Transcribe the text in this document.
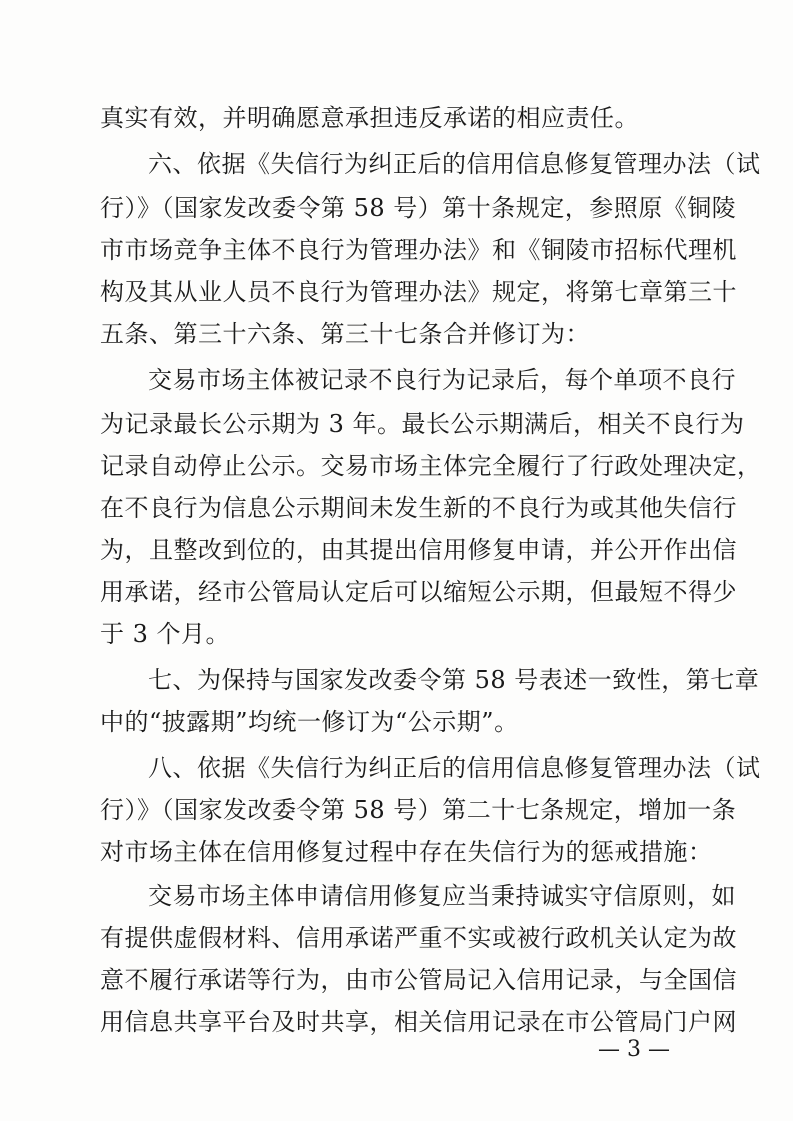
真实有效，并明确愿意承担违反承诺的相应责任。
六、依据《失信行为纠正后的信用信息修复管理办法（试
行）》（国家发改委令第 58 号）第十条规定，参照原《铜陵
市市场竞争主体不良行为管理办法》和《铜陵市招标代理机
构及其从业人员不良行为管理办法》规定，将第七章第三十
五条、第三十六条、第三十七条合并修订为：
交易市场主体被记录不良行为记录后，每个单项不良行
为记录最长公示期为 3 年。最长公示期满后，相关不良行为
记录自动停止公示。交易市场主体完全履行了行政处理决定，
在不良行为信息公示期间未发生新的不良行为或其他失信行
为，且整改到位的，由其提出信用修复申请，并公开作出信
用承诺，经市公管局认定后可以缩短公示期，但最短不得少
于 3 个月。
七、为保持与国家发改委令第 58 号表述一致性，第七章
中的“披露期”均统一修订为“公示期”。
八、依据《失信行为纠正后的信用信息修复管理办法（试
行）》（国家发改委令第 58 号）第二十七条规定，增加一条
对市场主体在信用修复过程中存在失信行为的惩戒措施：
交易市场主体申请信用修复应当秉持诚实守信原则，如
有提供虚假材料、信用承诺严重不实或被行政机关认定为故
意不履行承诺等行为，由市公管局记入信用记录，与全国信
用信息共享平台及时共享，相关信用记录在市公管局门户网
— 3 —
